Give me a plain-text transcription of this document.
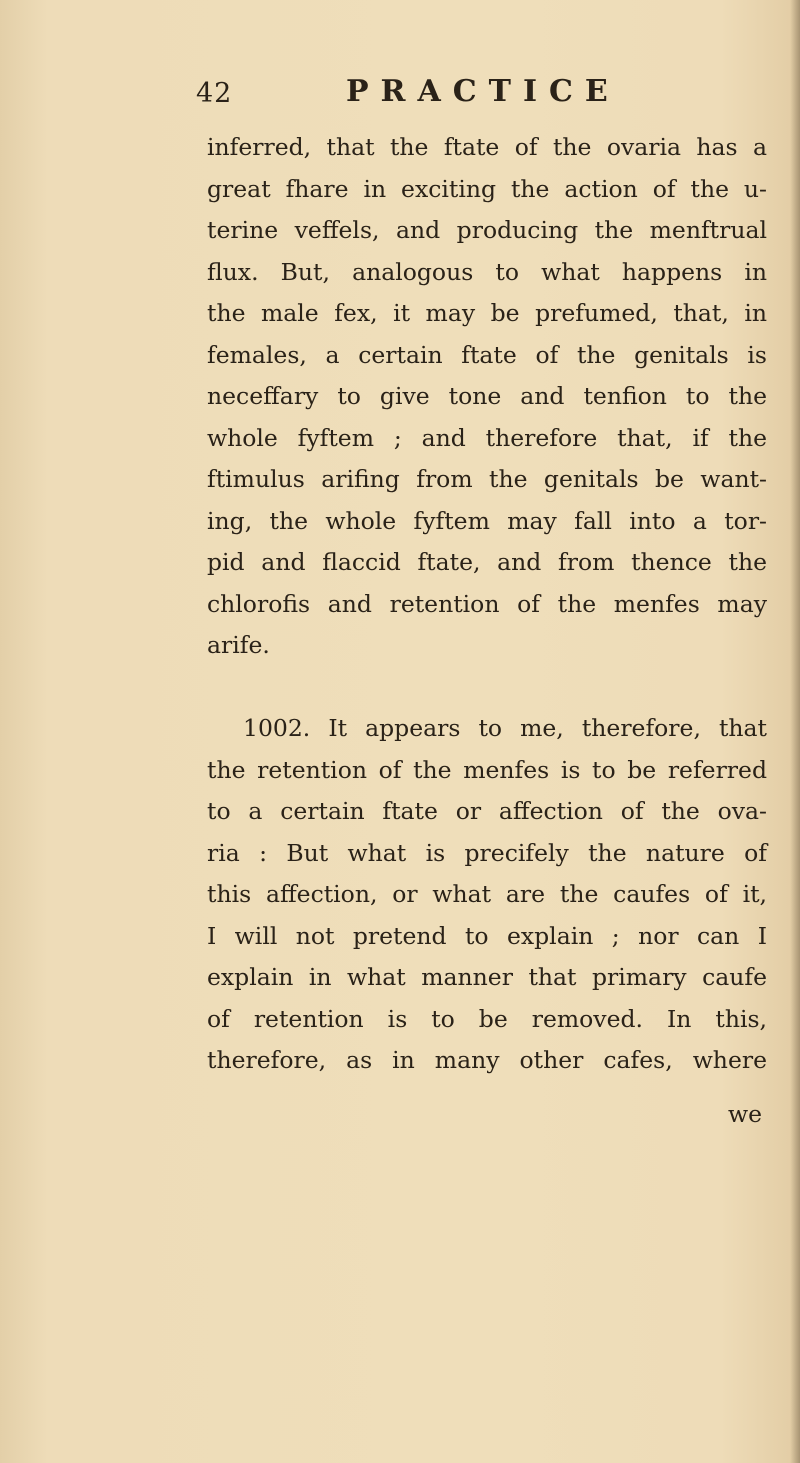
42	PRACTICE
inferred, that the ftate of the ovaria has a
great fhare in exciting the action of the u-
terine veffels, and producing the menftrual
flux. But, analogous to what happens in
the male fex, it may be prefumed, that, in
females, a certain ftate of the genitals is
neceffary to give tone and tenfion to the
whole fyftem ; and therefore that, if the
ftimulus arifing from the genitals be want-
ing, the whole fyftem may fall into a tor-
pid and flaccid ftate, and from thence the
chlorofis and retention of the menfes may
arife.
1002. It appears to me, therefore, that
the retention of the menfes is to be referred
to a certain ftate or affection of the ova-
ria : But what is precifely the nature of
this affection, or what are the caufes of it,
I will not pretend to explain ; nor can I
explain in what manner that primary caufe
of retention is to be removed. In this,
therefore, as in many other cafes, where
we
